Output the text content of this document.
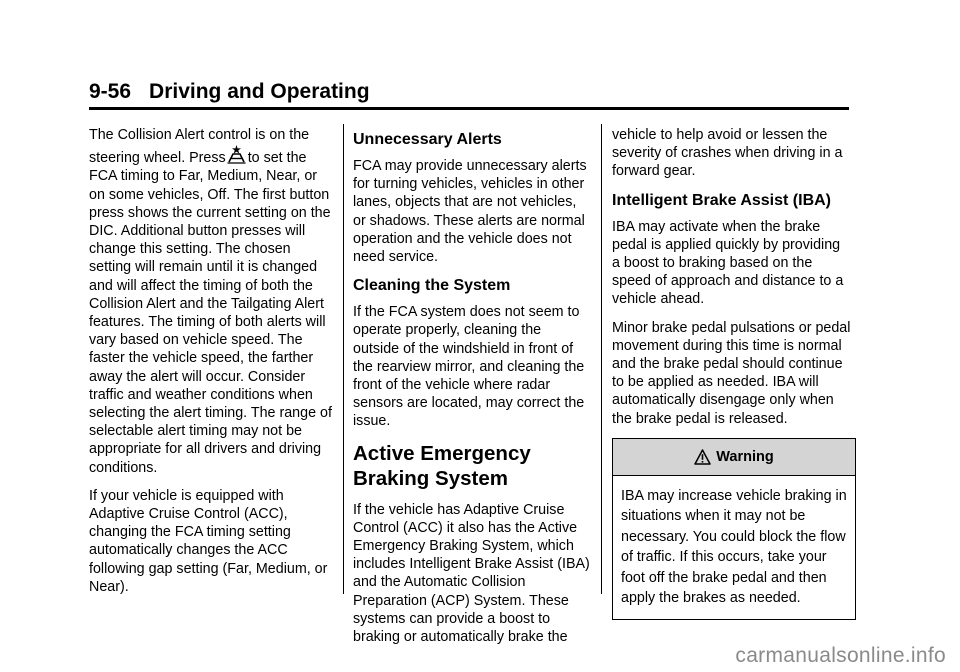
9-56 Driving and Operating

The Collision Alert control is on the steering wheel. Press to set the FCA timing to Far, Medium, Near, or on some vehicles, Off. The first button press shows the current setting on the DIC. Additional button presses will change this setting. The chosen setting will remain until it is changed and will affect the timing of both the Collision Alert and the Tailgating Alert features. The timing of both alerts will vary based on vehicle speed. The faster the vehicle speed, the farther away the alert will occur. Consider traffic and weather conditions when selecting the alert timing. The range of selectable alert timing may not be appropriate for all drivers and driving conditions.

If your vehicle is equipped with Adaptive Cruise Control (ACC), changing the FCA timing setting automatically changes the ACC following gap setting (Far, Medium, or Near).

Unnecessary Alerts

FCA may provide unnecessary alerts for turning vehicles, vehicles in other lanes, objects that are not vehicles, or shadows. These alerts are normal operation and the vehicle does not need service.

Cleaning the System

If the FCA system does not seem to operate properly, cleaning the outside of the windshield in front of the rearview mirror, and cleaning the front of the vehicle where radar sensors are located, may correct the issue.

Active Emergency Braking System

If the vehicle has Adaptive Cruise Control (ACC) it also has the Active Emergency Braking System, which includes Intelligent Brake Assist (IBA) and the Automatic Collision Preparation (ACP) System. These systems can provide a boost to braking or automatically brake the

vehicle to help avoid or lessen the severity of crashes when driving in a forward gear.

Intelligent Brake Assist (IBA)

IBA may activate when the brake pedal is applied quickly by providing a boost to braking based on the speed of approach and distance to a vehicle ahead.

Minor brake pedal pulsations or pedal movement during this time is normal and the brake pedal should continue to be applied as needed. IBA will automatically disengage only when the brake pedal is released.

Warning
IBA may increase vehicle braking in situations when it may not be necessary. You could block the flow of traffic. If this occurs, take your foot off the brake pedal and then apply the brakes as needed.
carmanualsonline.info
